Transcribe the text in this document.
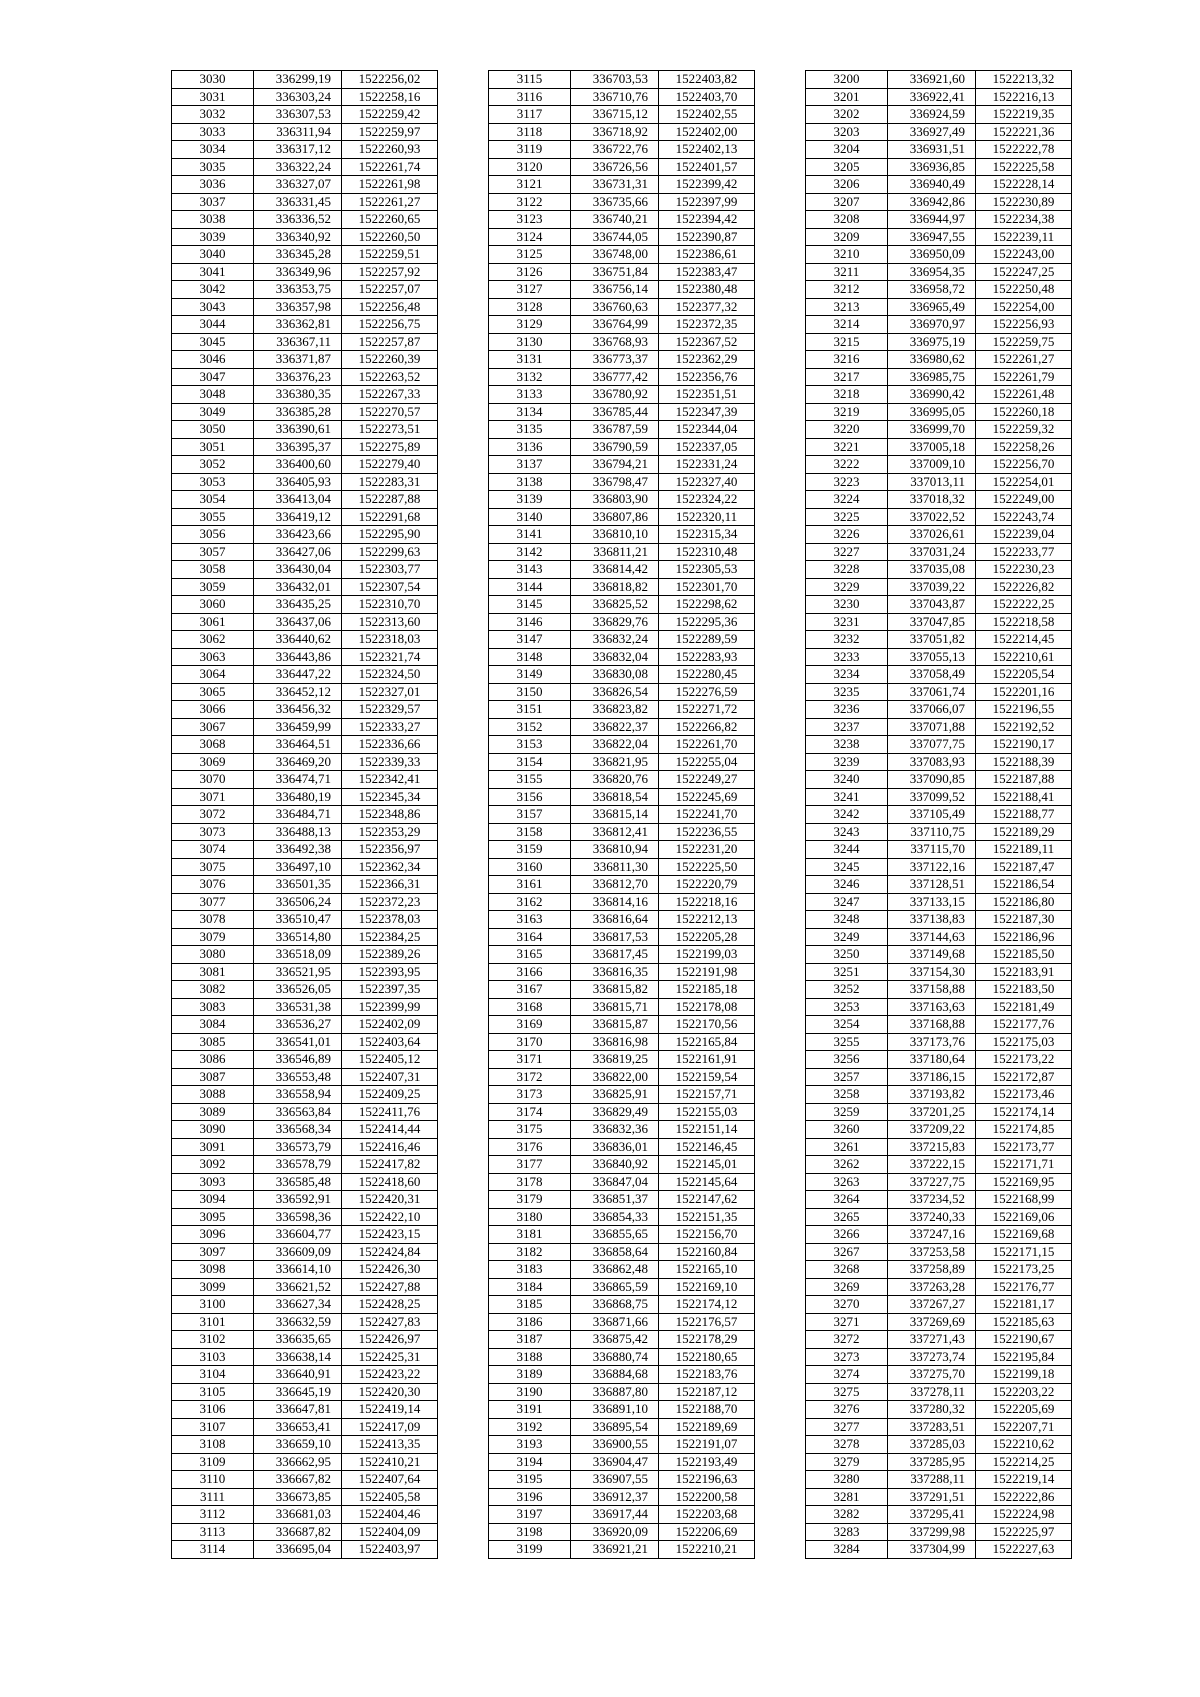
3030	336299,19	1522256,02
3031	336303,24	1522258,16
3032	336307,53	1522259,42
3033	336311,94	1522259,97
3034	336317,12	1522260,93
3035	336322,24	1522261,74
3036	336327,07	1522261,98
3037	336331,45	1522261,27
3038	336336,52	1522260,65
3039	336340,92	1522260,50
3040	336345,28	1522259,51
3041	336349,96	1522257,92
3042	336353,75	1522257,07
3043	336357,98	1522256,48
3044	336362,81	1522256,75
3045	336367,11	1522257,87
3046	336371,87	1522260,39
3047	336376,23	1522263,52
3048	336380,35	1522267,33
3049	336385,28	1522270,57
3050	336390,61	1522273,51
3051	336395,37	1522275,89
3052	336400,60	1522279,40
3053	336405,93	1522283,31
3054	336413,04	1522287,88
3055	336419,12	1522291,68
3056	336423,66	1522295,90
3057	336427,06	1522299,63
3058	336430,04	1522303,77
3059	336432,01	1522307,54
3060	336435,25	1522310,70
3061	336437,06	1522313,60
3062	336440,62	1522318,03
3063	336443,86	1522321,74
3064	336447,22	1522324,50
3065	336452,12	1522327,01
3066	336456,32	1522329,57
3067	336459,99	1522333,27
3068	336464,51	1522336,66
3069	336469,20	1522339,33
3070	336474,71	1522342,41
3071	336480,19	1522345,34
3072	336484,71	1522348,86
3073	336488,13	1522353,29
3074	336492,38	1522356,97
3075	336497,10	1522362,34
3076	336501,35	1522366,31
3077	336506,24	1522372,23
3078	336510,47	1522378,03
3079	336514,80	1522384,25
3080	336518,09	1522389,26
3081	336521,95	1522393,95
3082	336526,05	1522397,35
3083	336531,38	1522399,99
3084	336536,27	1522402,09
3085	336541,01	1522403,64
3086	336546,89	1522405,12
3087	336553,48	1522407,31
3088	336558,94	1522409,25
3089	336563,84	1522411,76
3090	336568,34	1522414,44
3091	336573,79	1522416,46
3092	336578,79	1522417,82
3093	336585,48	1522418,60
3094	336592,91	1522420,31
3095	336598,36	1522422,10
3096	336604,77	1522423,15
3097	336609,09	1522424,84
3098	336614,10	1522426,30
3099	336621,52	1522427,88
3100	336627,34	1522428,25
3101	336632,59	1522427,83
3102	336635,65	1522426,97
3103	336638,14	1522425,31
3104	336640,91	1522423,22
3105	336645,19	1522420,30
3106	336647,81	1522419,14
3107	336653,41	1522417,09
3108	336659,10	1522413,35
3109	336662,95	1522410,21
3110	336667,82	1522407,64
3111	336673,85	1522405,58
3112	336681,03	1522404,46
3113	336687,82	1522404,09
3114	336695,04	1522403,97
3115	336703,53	1522403,82
3116	336710,76	1522403,70
3117	336715,12	1522402,55
3118	336718,92	1522402,00
3119	336722,76	1522402,13
3120	336726,56	1522401,57
3121	336731,31	1522399,42
3122	336735,66	1522397,99
3123	336740,21	1522394,42
3124	336744,05	1522390,87
3125	336748,00	1522386,61
3126	336751,84	1522383,47
3127	336756,14	1522380,48
3128	336760,63	1522377,32
3129	336764,99	1522372,35
3130	336768,93	1522367,52
3131	336773,37	1522362,29
3132	336777,42	1522356,76
3133	336780,92	1522351,51
3134	336785,44	1522347,39
3135	336787,59	1522344,04
3136	336790,59	1522337,05
3137	336794,21	1522331,24
3138	336798,47	1522327,40
3139	336803,90	1522324,22
3140	336807,86	1522320,11
3141	336810,10	1522315,34
3142	336811,21	1522310,48
3143	336814,42	1522305,53
3144	336818,82	1522301,70
3145	336825,52	1522298,62
3146	336829,76	1522295,36
3147	336832,24	1522289,59
3148	336832,04	1522283,93
3149	336830,08	1522280,45
3150	336826,54	1522276,59
3151	336823,82	1522271,72
3152	336822,37	1522266,82
3153	336822,04	1522261,70
3154	336821,95	1522255,04
3155	336820,76	1522249,27
3156	336818,54	1522245,69
3157	336815,14	1522241,70
3158	336812,41	1522236,55
3159	336810,94	1522231,20
3160	336811,30	1522225,50
3161	336812,70	1522220,79
3162	336814,16	1522218,16
3163	336816,64	1522212,13
3164	336817,53	1522205,28
3165	336817,45	1522199,03
3166	336816,35	1522191,98
3167	336815,82	1522185,18
3168	336815,71	1522178,08
3169	336815,87	1522170,56
3170	336816,98	1522165,84
3171	336819,25	1522161,91
3172	336822,00	1522159,54
3173	336825,91	1522157,71
3174	336829,49	1522155,03
3175	336832,36	1522151,14
3176	336836,01	1522146,45
3177	336840,92	1522145,01
3178	336847,04	1522145,64
3179	336851,37	1522147,62
3180	336854,33	1522151,35
3181	336855,65	1522156,70
3182	336858,64	1522160,84
3183	336862,48	1522165,10
3184	336865,59	1522169,10
3185	336868,75	1522174,12
3186	336871,66	1522176,57
3187	336875,42	1522178,29
3188	336880,74	1522180,65
3189	336884,68	1522183,76
3190	336887,80	1522187,12
3191	336891,10	1522188,70
3192	336895,54	1522189,69
3193	336900,55	1522191,07
3194	336904,47	1522193,49
3195	336907,55	1522196,63
3196	336912,37	1522200,58
3197	336917,44	1522203,68
3198	336920,09	1522206,69
3199	336921,21	1522210,21
3200	336921,60	1522213,32
3201	336922,41	1522216,13
3202	336924,59	1522219,35
3203	336927,49	1522221,36
3204	336931,51	1522222,78
3205	336936,85	1522225,58
3206	336940,49	1522228,14
3207	336942,86	1522230,89
3208	336944,97	1522234,38
3209	336947,55	1522239,11
3210	336950,09	1522243,00
3211	336954,35	1522247,25
3212	336958,72	1522250,48
3213	336965,49	1522254,00
3214	336970,97	1522256,93
3215	336975,19	1522259,75
3216	336980,62	1522261,27
3217	336985,75	1522261,79
3218	336990,42	1522261,48
3219	336995,05	1522260,18
3220	336999,70	1522259,32
3221	337005,18	1522258,26
3222	337009,10	1522256,70
3223	337013,11	1522254,01
3224	337018,32	1522249,00
3225	337022,52	1522243,74
3226	337026,61	1522239,04
3227	337031,24	1522233,77
3228	337035,08	1522230,23
3229	337039,22	1522226,82
3230	337043,87	1522222,25
3231	337047,85	1522218,58
3232	337051,82	1522214,45
3233	337055,13	1522210,61
3234	337058,49	1522205,54
3235	337061,74	1522201,16
3236	337066,07	1522196,55
3237	337071,88	1522192,52
3238	337077,75	1522190,17
3239	337083,93	1522188,39
3240	337090,85	1522187,88
3241	337099,52	1522188,41
3242	337105,49	1522188,77
3243	337110,75	1522189,29
3244	337115,70	1522189,11
3245	337122,16	1522187,47
3246	337128,51	1522186,54
3247	337133,15	1522186,80
3248	337138,83	1522187,30
3249	337144,63	1522186,96
3250	337149,68	1522185,50
3251	337154,30	1522183,91
3252	337158,88	1522183,50
3253	337163,63	1522181,49
3254	337168,88	1522177,76
3255	337173,76	1522175,03
3256	337180,64	1522173,22
3257	337186,15	1522172,87
3258	337193,82	1522173,46
3259	337201,25	1522174,14
3260	337209,22	1522174,85
3261	337215,83	1522173,77
3262	337222,15	1522171,71
3263	337227,75	1522169,95
3264	337234,52	1522168,99
3265	337240,33	1522169,06
3266	337247,16	1522169,68
3267	337253,58	1522171,15
3268	337258,89	1522173,25
3269	337263,28	1522176,77
3270	337267,27	1522181,17
3271	337269,69	1522185,63
3272	337271,43	1522190,67
3273	337273,74	1522195,84
3274	337275,70	1522199,18
3275	337278,11	1522203,22
3276	337280,32	1522205,69
3277	337283,51	1522207,71
3278	337285,03	1522210,62
3279	337285,95	1522214,25
3280	337288,11	1522219,14
3281	337291,51	1522222,86
3282	337295,41	1522224,98
3283	337299,98	1522225,97
3284	337304,99	1522227,63
